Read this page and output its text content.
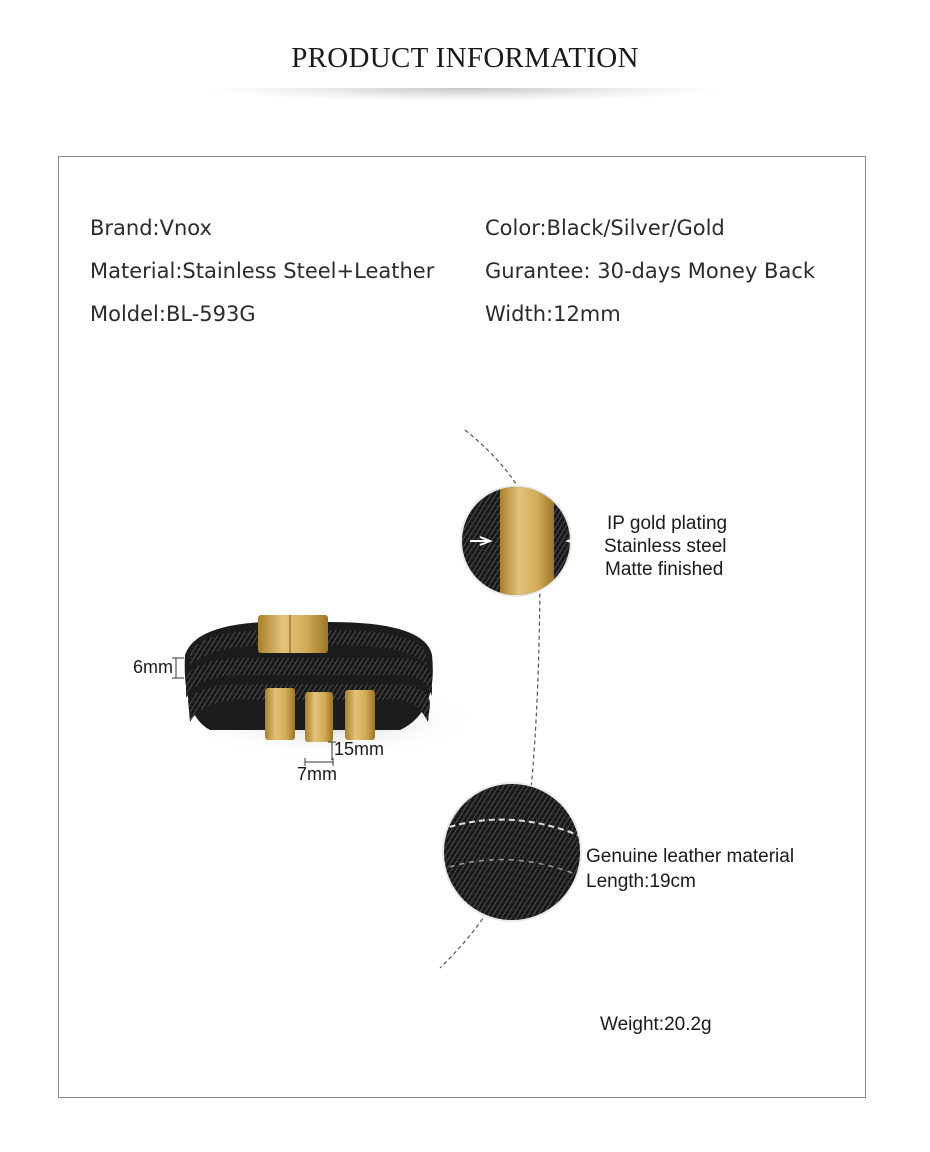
PRODUCT INFORMATION
Brand:Vnox
Material:Stainless Steel+Leather
Moldel:BL-593G
Color:Black/Silver/Gold
Gurantee: 30-days Money Back
Width:12mm
6mm
15mm
7mm
IP gold plating
Stainless steel
Matte finished
Genuine leather material
Length:19cm
Weight:20.2g
